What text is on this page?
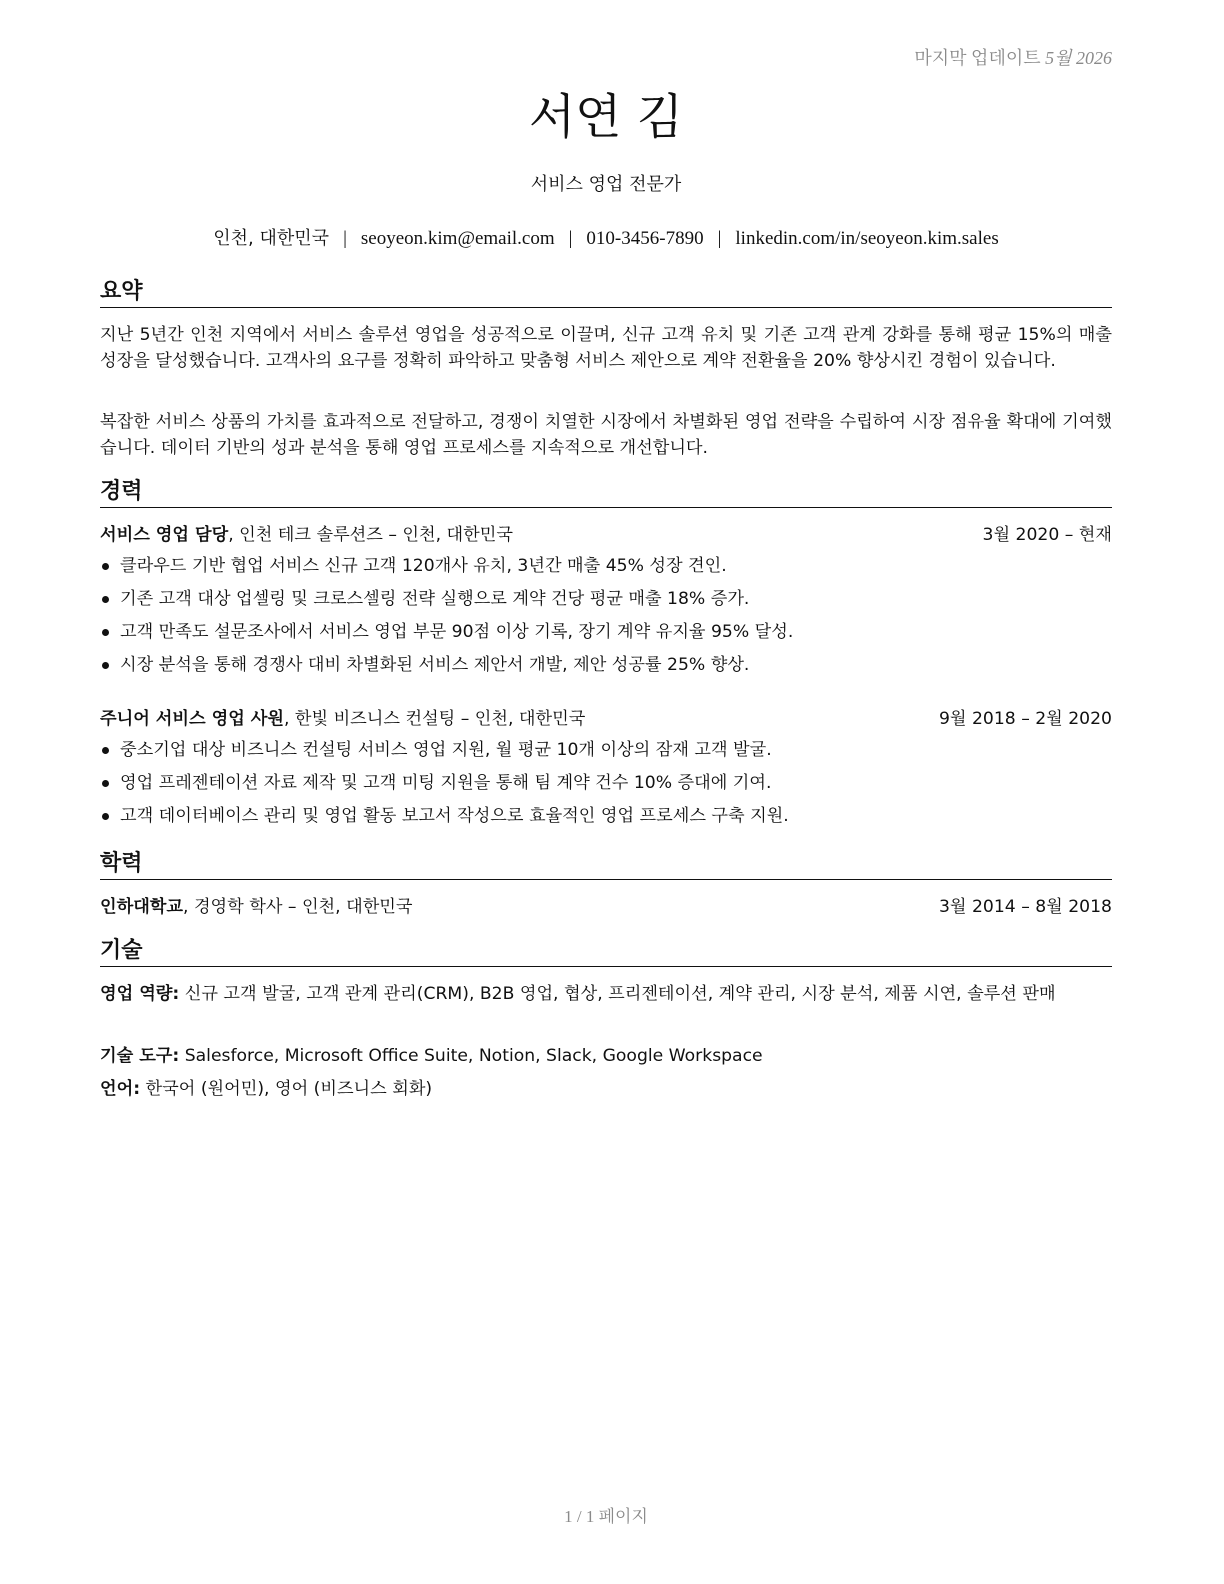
마지막 업데이트 5월 2026
서연 김
서비스 영업 전문가
인천, 대한민국 | seoyeon.kim@email.com | 010-3456-7890 | linkedin.com/in/seoyeon.kim.sales
요약
지난 5년간 인천 지역에서 서비스 솔루션 영업을 성공적으로 이끌며, 신규 고객 유치 및 기존 고객 관계 강화를 통해 평균 15%의 매출 성장을 달성했습니다. 고객사의 요구를 정확히 파악하고 맞춤형 서비스 제안으로 계약 전환율을 20% 향상시킨 경험이 있습니다.
복잡한 서비스 상품의 가치를 효과적으로 전달하고, 경쟁이 치열한 시장에서 차별화된 영업 전략을 수립하여 시장 점유율 확대에 기여했습니다. 데이터 기반의 성과 분석을 통해 영업 프로세스를 지속적으로 개선합니다.
경력
서비스 영업 담당, 인천 테크 솔루션즈 – 인천, 대한민국	3월 2020 – 현재
클라우드 기반 협업 서비스 신규 고객 120개사 유치, 3년간 매출 45% 성장 견인.
기존 고객 대상 업셀링 및 크로스셀링 전략 실행으로 계약 건당 평균 매출 18% 증가.
고객 만족도 설문조사에서 서비스 영업 부문 90점 이상 기록, 장기 계약 유지율 95% 달성.
시장 분석을 통해 경쟁사 대비 차별화된 서비스 제안서 개발, 제안 성공률 25% 향상.
주니어 서비스 영업 사원, 한빛 비즈니스 컨설팅 – 인천, 대한민국	9월 2018 – 2월 2020
중소기업 대상 비즈니스 컨설팅 서비스 영업 지원, 월 평균 10개 이상의 잠재 고객 발굴.
영업 프레젠테이션 자료 제작 및 고객 미팅 지원을 통해 팀 계약 건수 10% 증대에 기여.
고객 데이터베이스 관리 및 영업 활동 보고서 작성으로 효율적인 영업 프로세스 구축 지원.
학력
인하대학교, 경영학 학사 – 인천, 대한민국	3월 2014 – 8월 2018
기술
영업 역량: 신규 고객 발굴, 고객 관계 관리(CRM), B2B 영업, 협상, 프리젠테이션, 계약 관리, 시장 분석, 제품 시연, 솔루션 판매
기술 도구: Salesforce, Microsoft Office Suite, Notion, Slack, Google Workspace
언어: 한국어 (원어민), 영어 (비즈니스 회화)
1 / 1 페이지
